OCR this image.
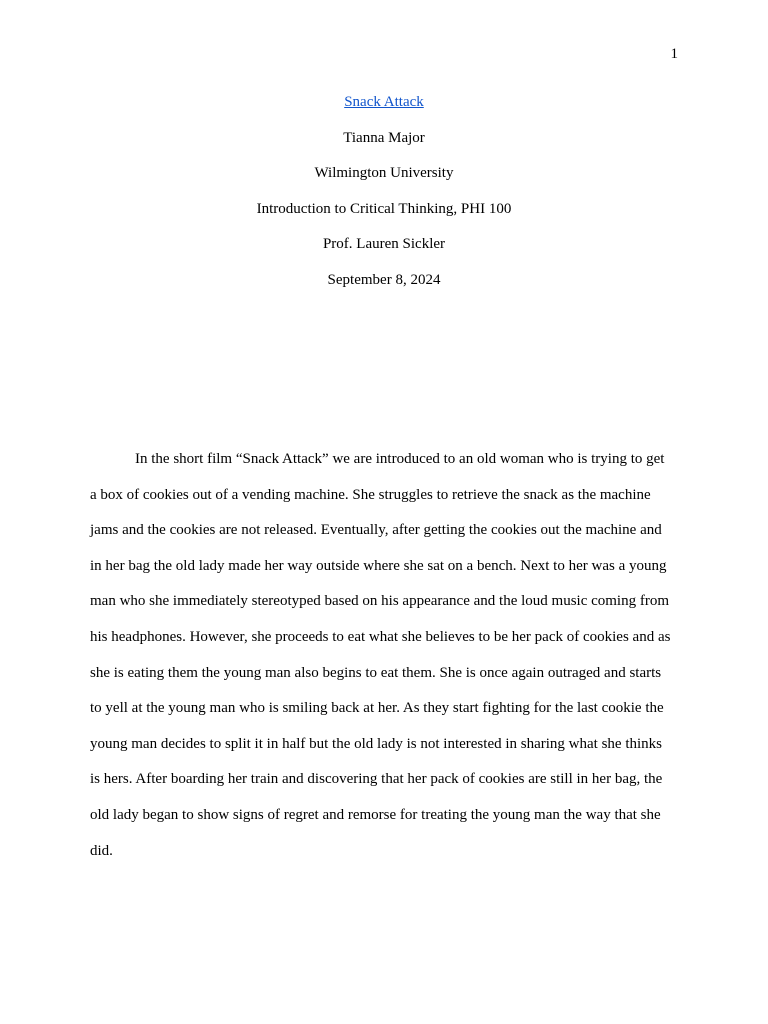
1
Snack Attack
Tianna Major
Wilmington University
Introduction to Critical Thinking, PHI 100
Prof. Lauren Sickler
September 8, 2024
In the short film “Snack Attack” we are introduced to an old woman who is trying to get
a box of cookies out of a vending machine. She struggles to retrieve the snack as the machine
jams and the cookies are not released. Eventually, after getting the cookies out the machine and
in her bag the old lady made her way outside where she sat on a bench. Next to her was a young
man who she immediately stereotyped based on his appearance and the loud music coming from
his headphones. However, she proceeds to eat what she believes to be her pack of cookies and as
she is eating them the young man also begins to eat them. She is once again outraged and starts
to yell at the young man who is smiling back at her. As they start fighting for the last cookie the
young man decides to split it in half but the old lady is not interested in sharing what she thinks
is hers. After boarding her train and discovering that her pack of cookies are still in her bag, the
old lady began to show signs of regret and remorse for treating the young man the way that she
did.
